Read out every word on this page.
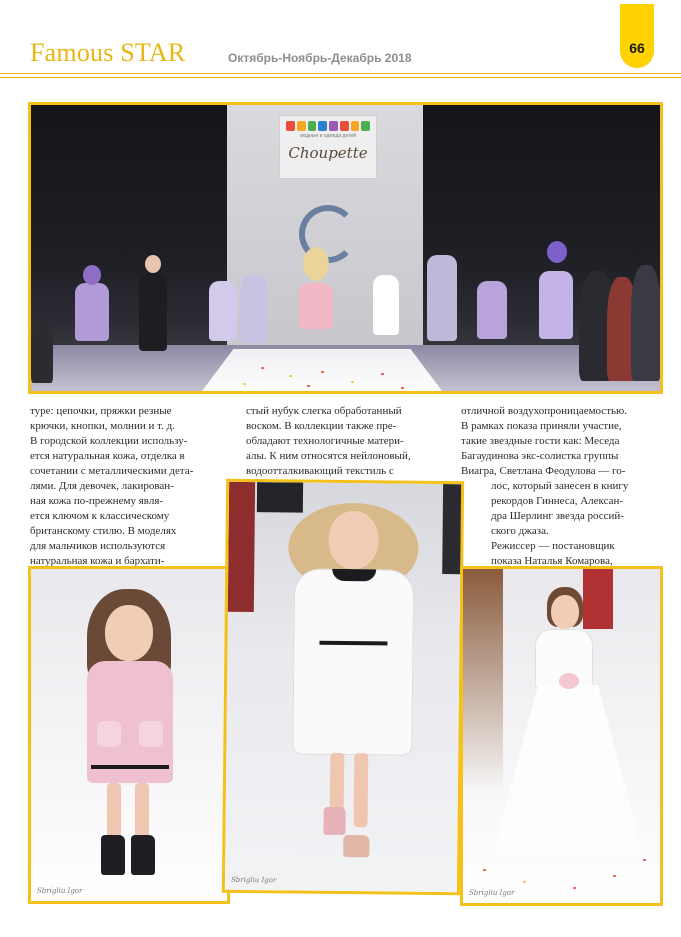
Famous STAR	Октябрь-Ноябрь-Декабрь 2018
66
модные и одежда детей
Choupette

туре: цепочки, пряжки резные

крючки, кнопки, молнии и т. д.

В городской коллекции использу-

ется натуральная кожа, отделка в

сочетании с металлическими дета-

лями. Для девочек, лакирован-

ная кожа по-прежнему явля-

ется ключом к классическому

британскому стилю. В моделях

для мальчиков используются

натуральная кожа и бархати-

стый нубук слегка обработанный

воском. В коллекции также пре-

обладают технологичные матери-

алы. К ним относятся нейлоновый,

водоотталкивающий текстиль с

отличной воздухопроницаемостью.

В рамках показа приняли участие,

такие звездные гости как: Меседа

Багаудинова экс-солистка группы

Виагра, Светлана Феодулова — го-

лос, который занесен в книгу

рекордов Гиннеса, Алексан-

дра Шерлинг звезда россий-

ского джаза.

Режиссер — постановщик

показа Наталья Комарова,

Sbrigliu Igor
Sbrigliu Igor
Sbrigliu Igor
